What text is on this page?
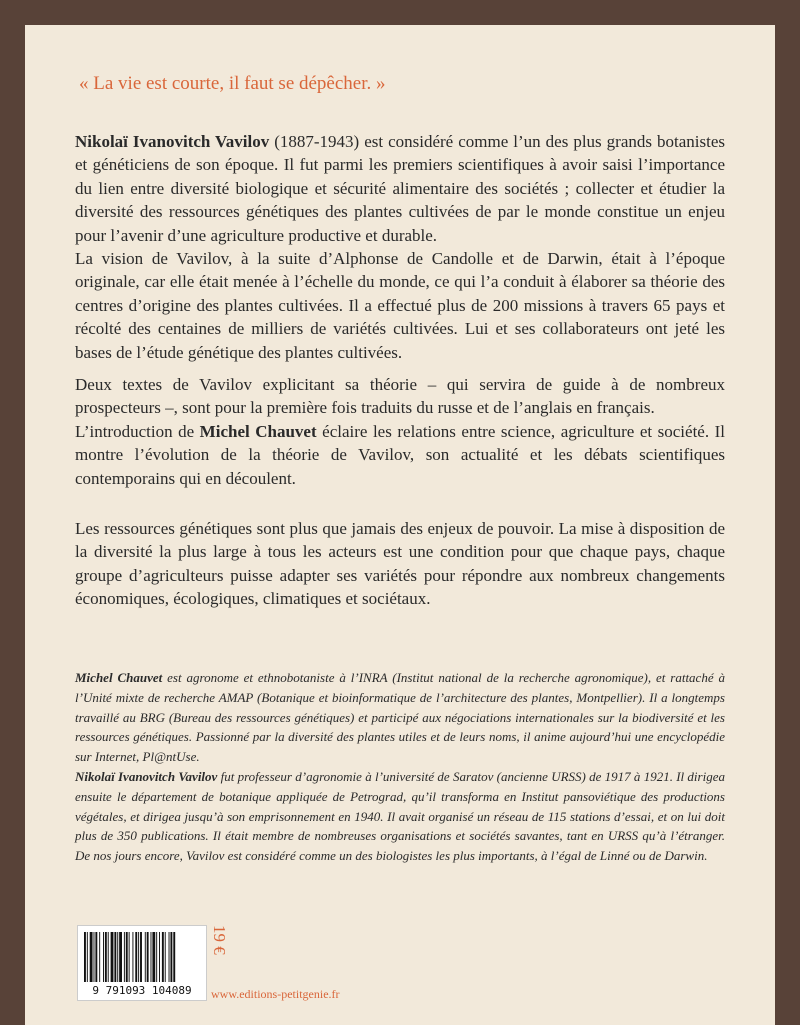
« La vie est courte, il faut se dépêcher. »

Nikolaï Ivanovitch Vavilov (1887-1943) est considéré comme l’un des plus grands botanistes et généticiens de son époque. Il fut parmi les premiers scientifiques à avoir saisi l’importance du lien entre diversité biologique et sécurité alimentaire des sociétés ; collecter et étudier la diversité des ressources génétiques des plantes cultivées de par le monde constitue un enjeu pour l’avenir d’une agriculture productive et durable.

La vision de Vavilov, à la suite d’Alphonse de Candolle et de Darwin, était à l’époque originale, car elle était menée à l’échelle du monde, ce qui l’a conduit à élaborer sa théorie des centres d’origine des plantes cultivées. Il a effectué plus de 200 missions à travers 65 pays et récolté des centaines de milliers de variétés cultivées. Lui et ses collaborateurs ont jeté les bases de l’étude génétique des plantes cultivées.

Deux textes de Vavilov explicitant sa théorie – qui servira de guide à de nombreux prospecteurs –, sont pour la première fois traduits du russe et de l’anglais en français.

L’introduction de Michel Chauvet éclaire les relations entre science, agriculture et société. Il montre l’évolution de la théorie de Vavilov, son actualité et les débats scientifiques contemporains qui en découlent.

Les ressources génétiques sont plus que jamais des enjeux de pouvoir. La mise à disposition de la diversité la plus large à tous les acteurs est une condition pour que chaque pays, chaque groupe d’agriculteurs puisse adapter ses variétés pour répondre aux nombreux changements économiques, écologiques, climatiques et sociétaux.

Michel Chauvet est agronome et ethnobotaniste à l’INRA (Institut national de la recherche agronomique), et rattaché à l’Unité mixte de recherche AMAP (Botanique et bioinformatique de l’architecture des plantes, Montpellier). Il a longtemps travaillé au BRG (Bureau des ressources génétiques) et participé aux négociations internationales sur la biodiversité et les ressources génétiques. Passionné par la diversité des plantes utiles et de leurs noms, il anime aujourd’hui une encyclopédie sur Internet, Pl@ntUse.

Nikolaï Ivanovitch Vavilov fut professeur d’agronomie à l’université de Saratov (ancienne URSS) de 1917 à 1921. Il dirigea ensuite le département de botanique appliquée de Petrograd, qu’il transforma en Institut pansoviétique des productions végétales, et dirigea jusqu’à son emprisonnement en 1940. Il avait organisé un réseau de 115 stations d’essai, et on lui doit plus de 350 publications. Il était membre de nombreuses organisations et sociétés savantes, tant en URSS qu’à l’étranger. De nos jours encore, Vavilov est considéré comme un des biologistes les plus importants, à l’égal de Linné ou de Darwin.

9 791093 104089
19 €
www.editions-petitgenie.fr
